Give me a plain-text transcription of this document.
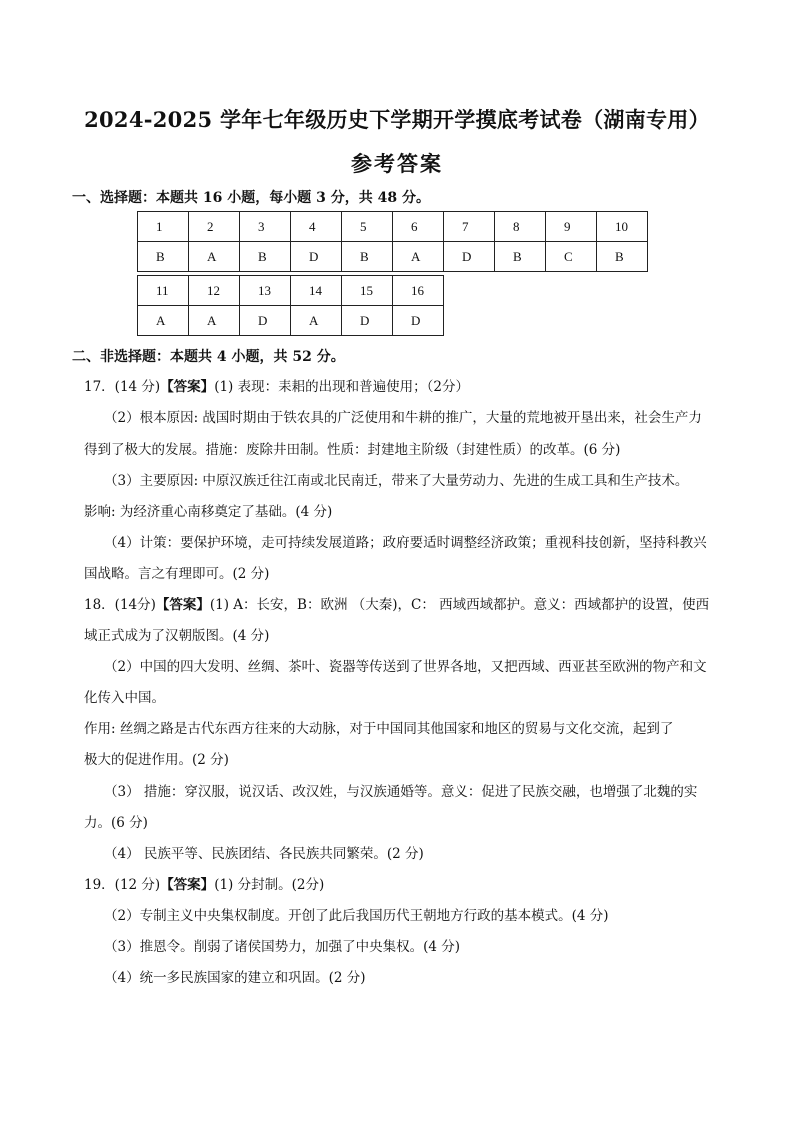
2024-2025 学年七年级历史下学期开学摸底考试卷（湖南专用）
参考答案
一、选择题：本题共 16 小题，每小题 3 分，共 48 分。
1	2	3	4	5	6	7	8	9	10
B	A	B	D	B	A	D	B	C	B
11	12	13	14	15	16
A	A	D	A	D	D
二、非选择题：本题共 4 小题，共 52 分。
17．(14 分)【答案】(1) 表现：耒耜的出现和普遍使用；（2分）
（2）根本原因: 战国时期由于铁农具的广泛使用和牛耕的推广，大量的荒地被开垦出来，社会生产力
得到了极大的发展。措施：废除井田制。性质：封建地主阶级（封建性质）的改革。(6 分)
（3）主要原因: 中原汉族迁往江南或北民南迁，带来了大量劳动力、先进的生成工具和生产技术。
影响: 为经济重心南移奠定了基础。(4 分)
（4）计策：要保护环境，走可持续发展道路；政府要适时调整经济政策；重视科技创新，坚持科教兴
国战略。言之有理即可。(2 分)
18．(14分)【答案】(1) A：长安，B：欧洲 （大秦)，C： 西域西域都护。意义：西域都护的设置，使西
域正式成为了汉朝版图。(4 分)
（2）中国的四大发明、丝绸、茶叶、瓷器等传送到了世界各地，又把西域、西亚甚至欧洲的物产和文
化传入中国。
作用: 丝绸之路是古代东西方往来的大动脉，对于中国同其他国家和地区的贸易与文化交流，起到了
极大的促进作用。(2 分)
（3） 措施：穿汉服，说汉话、改汉姓，与汉族通婚等。意义：促进了民族交融，也增强了北魏的实
力。(6 分)
（4） 民族平等、民族团结、各民族共同繁荣。(2 分)
19．(12 分)【答案】(1) 分封制。(2分)
（2）专制主义中央集权制度。开创了此后我国历代王朝地方行政的基本模式。(4 分)
（3）推恩令。削弱了诸侯国势力，加强了中央集权。(4 分)
（4）统一多民族国家的建立和巩固。(2 分)
